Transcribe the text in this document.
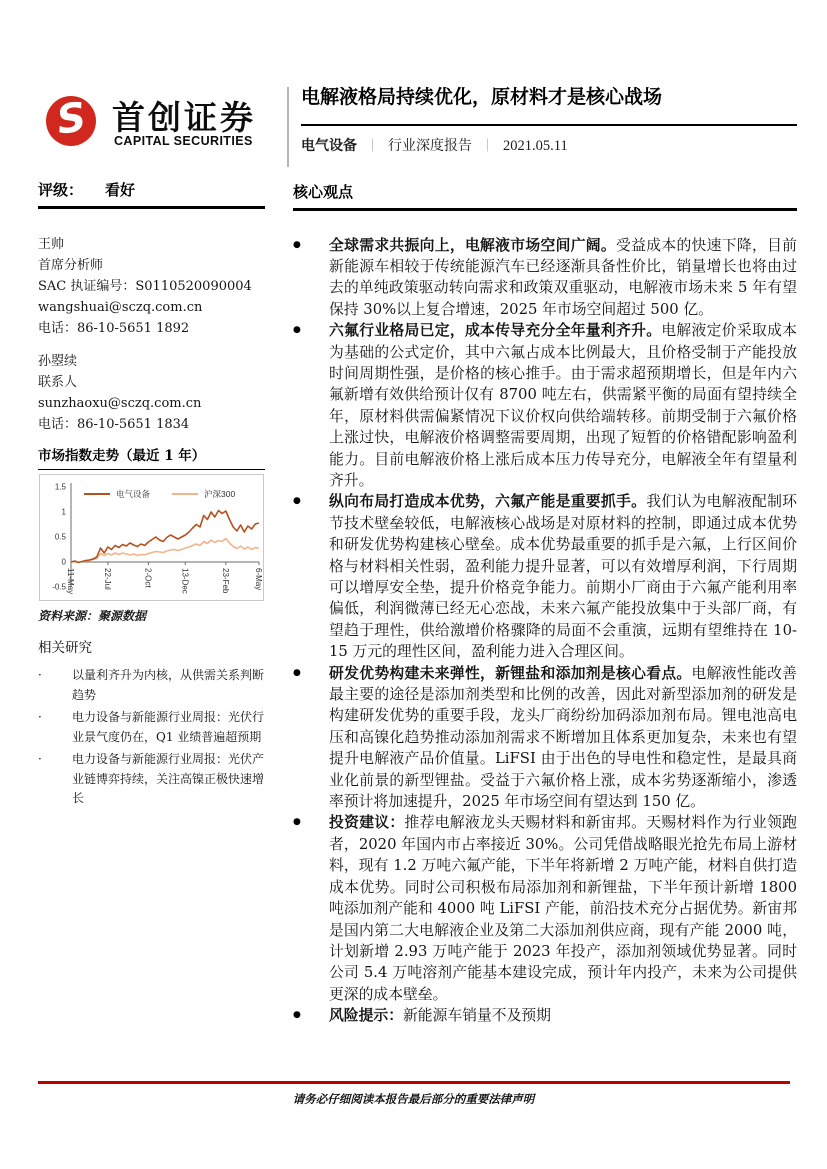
S 首创证券
CAPITAL SECURITIES
电解液格局持续优化，原材料才是核心战场
电气设备 ｜ 行业深度报告 ｜ 2021.05.11
评级： 看好
王帅
首席分析师
SAC 执证编号：S0110520090004
wangshuai@sczq.com.cn
电话：86-10-5651 1892
孙曌续
联系人
sunzhaoxu@sczq.com.cn
电话：86-10-5651 1834
市场指数走势（最近 1 年）
1.5
1
0.5
0
-0.5 11-May	22-Jul	2-Oct	13-Dec	23-Feb	6-May
电气设备	沪深300
资料来源：聚源数据
相关研究
·	以量利齐升为内核，从供需关系判断趋势
·	电力设备与新能源行业周报：光伏行业景气度仍在，Q1 业绩普遍超预期
·	电力设备与新能源行业周报：光伏产业链博弈持续，关注高镍正极快速增长
核心观点
●	全球需求共振向上，电解液市场空间广阔。受益成本的快速下降，目前新能源车相较于传统能源汽车已经逐渐具备性价比，销量增长也将由过去的单纯政策驱动转向需求和政策双重驱动，电解液市场未来 5 年有望保持 30%以上复合增速，2025 年市场空间超过 500 亿。

●	六氟行业格局已定，成本传导充分全年量利齐升。电解液定价采取成本为基础的公式定价，其中六氟占成本比例最大，且价格受制于产能投放时间周期性强，是价格的核心推手。由于需求超预期增长，但是年内六氟新增有效供给预计仅有 8700 吨左右，供需紧平衡的局面有望持续全年，原材料供需偏紧情况下议价权向供给端转移。前期受制于六氟价格上涨过快，电解液价格调整需要周期，出现了短暂的价格错配影响盈利能力。目前电解液价格上涨后成本压力传导充分，电解液全年有望量利齐升。

●	纵向布局打造成本优势，六氟产能是重要抓手。我们认为电解液配制环节技术壁垒较低，电解液核心战场是对原材料的控制，即通过成本优势和研发优势构建核心壁垒。成本优势最重要的抓手是六氟，上行区间价格与材料相关性弱，盈利能力提升显著，可以有效增厚利润，下行周期可以增厚安全垫，提升价格竞争能力。前期小厂商由于六氟产能利用率偏低，利润微薄已经无心恋战，未来六氟产能投放集中于头部厂商，有望趋于理性，供给激增价格骤降的局面不会重演，远期有望维持在 10-15 万元的理性区间，盈利能力进入合理区间。

●	研发优势构建未来弹性，新锂盐和添加剂是核心看点。电解液性能改善最主要的途径是添加剂类型和比例的改善，因此对新型添加剂的研发是构建研发优势的重要手段，龙头厂商纷纷加码添加剂布局。锂电池高电压和高镍化趋势推动添加剂需求不断增加且体系更加复杂，未来也有望提升电解液产品价值量。LiFSI 由于出色的导电性和稳定性，是最具商业化前景的新型锂盐。受益于六氟价格上涨，成本劣势逐渐缩小，渗透率预计将加速提升，2025 年市场空间有望达到 150 亿。

●	投资建议：推荐电解液龙头天赐材料和新宙邦。天赐材料作为行业领跑者，2020 年国内市占率接近 30%。公司凭借战略眼光抢先布局上游材料，现有 1.2 万吨六氟产能，下半年将新增 2 万吨产能，材料自供打造成本优势。同时公司积极布局添加剂和新锂盐，下半年预计新增 1800 吨添加剂产能和 4000 吨 LiFSI 产能，前沿技术充分占据优势。新宙邦是国内第二大电解液企业及第二大添加剂供应商，现有产能 2000 吨，计划新增 2.93 万吨产能于 2023 年投产，添加剂领域优势显著。同时公司 5.4 万吨溶剂产能基本建设完成，预计年内投产，未来为公司提供更深的成本壁垒。

●	风险提示：新能源车销量不及预期

请务必仔细阅读本报告最后部分的重要法律声明
